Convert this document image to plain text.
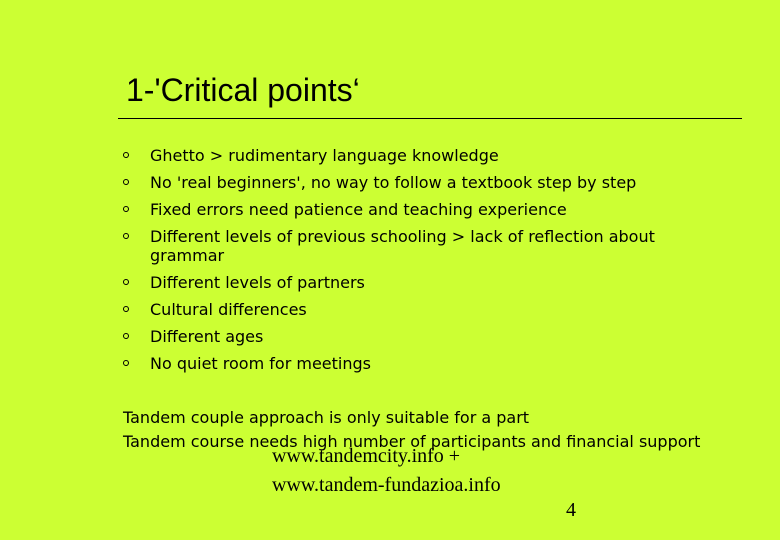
1-'Critical points‘
Ghetto > rudimentary language knowledge
No 'real beginners', no way to follow a textbook step by step
Fixed errors need patience and teaching experience
Different levels of previous schooling > lack of reflection about grammar
Different levels of partners
Cultural differences
Different ages
No quiet room for meetings

Tandem couple approach is only suitable for a part

Tandem course needs high number of participants and financial support

www.tandemcity.info + www.tandem-fundazioa.info

4
